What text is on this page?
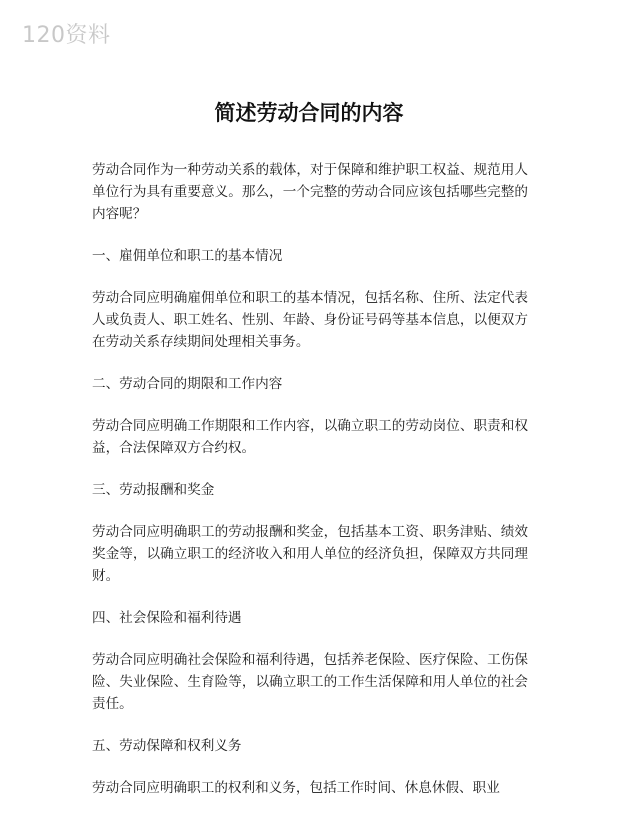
120资料
简述劳动合同的内容

劳动合同作为一种劳动关系的载体，对于保障和维护职工权益、规范用人单位行为具有重要意义。那么，一个完整的劳动合同应该包括哪些完整的内容呢？

一、雇佣单位和职工的基本情况

劳动合同应明确雇佣单位和职工的基本情况，包括名称、住所、法定代表人或负责人、职工姓名、性别、年龄、身份证号码等基本信息，以便双方在劳动关系存续期间处理相关事务。

二、劳动合同的期限和工作内容

劳动合同应明确工作期限和工作内容，以确立职工的劳动岗位、职责和权益，合法保障双方合约权。

三、劳动报酬和奖金

劳动合同应明确职工的劳动报酬和奖金，包括基本工资、职务津贴、绩效奖金等，以确立职工的经济收入和用人单位的经济负担，保障双方共同理财。

四、社会保险和福利待遇

劳动合同应明确社会保险和福利待遇，包括养老保险、医疗保险、工伤保险、失业保险、生育险等，以确立职工的工作生活保障和用人单位的社会责任。

五、劳动保障和权利义务

劳动合同应明确职工的权利和义务，包括工作时间、休息休假、职业
